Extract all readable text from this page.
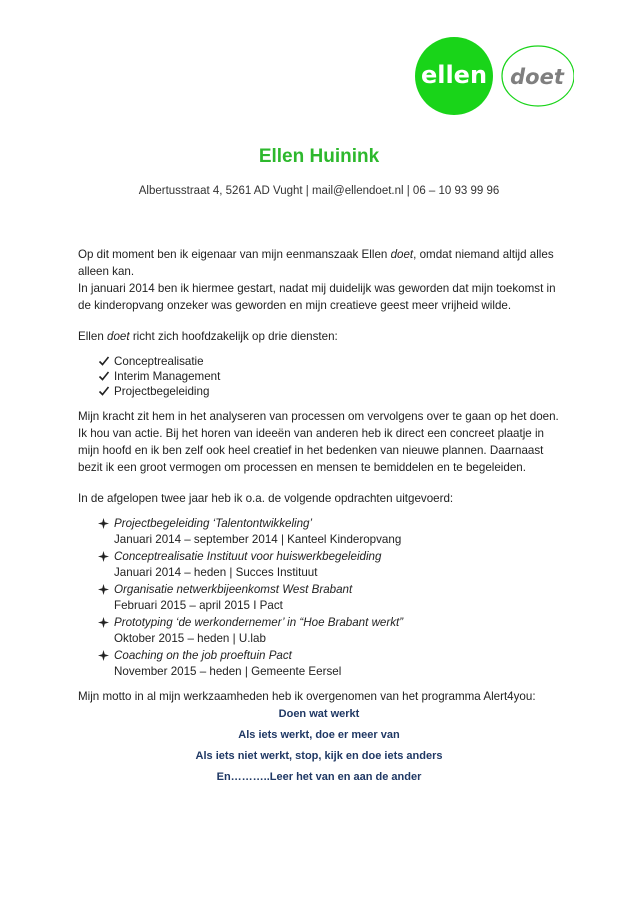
ellen doet
Ellen Huinink
Albertusstraat 4, 5261 AD Vught | mail@ellendoet.nl | 06 – 10 93 99 96

Op dit moment ben ik eigenaar van mijn eenmanszaak Ellen doet, omdat niemand altijd alles alleen kan.

In januari 2014 ben ik hiermee gestart, nadat mij duidelijk was geworden dat mijn toekomst in de kinderopvang onzeker was geworden en mijn creatieve geest meer vrijheid wilde.

Ellen doet richt zich hoofdzakelijk op drie diensten:

Conceptrealisatie
Interim Management
Projectbegeleiding

Mijn kracht zit hem in het analyseren van processen om vervolgens over te gaan op het doen. Ik hou van actie. Bij het horen van ideeën van anderen heb ik direct een concreet plaatje in mijn hoofd en ik ben zelf ook heel creatief in het bedenken van nieuwe plannen. Daarnaast bezit ik een groot vermogen om processen en mensen te bemiddelen en te begeleiden.

In de afgelopen twee jaar heb ik o.a. de volgende opdrachten uitgevoerd:

Projectbegeleiding ‘Talentontwikkeling’
Januari 2014 – september 2014 | Kanteel Kinderopvang
Conceptrealisatie Instituut voor huiswerkbegeleiding
Januari 2014 – heden | Succes Instituut
Organisatie netwerkbijeenkomst West Brabant
Februari 2015 – april 2015 I Pact
Prototyping ‘de werkondernemer’ in “Hoe Brabant werkt”
Oktober 2015 – heden | U.lab
Coaching on the job proeftuin Pact
November 2015 – heden | Gemeente Eersel

Mijn motto in al mijn werkzaamheden heb ik overgenomen van het programma Alert4you:

Doen wat werkt
Als iets werkt, doe er meer van
Als iets niet werkt, stop, kijk en doe iets anders
En………..Leer het van en aan de ander
